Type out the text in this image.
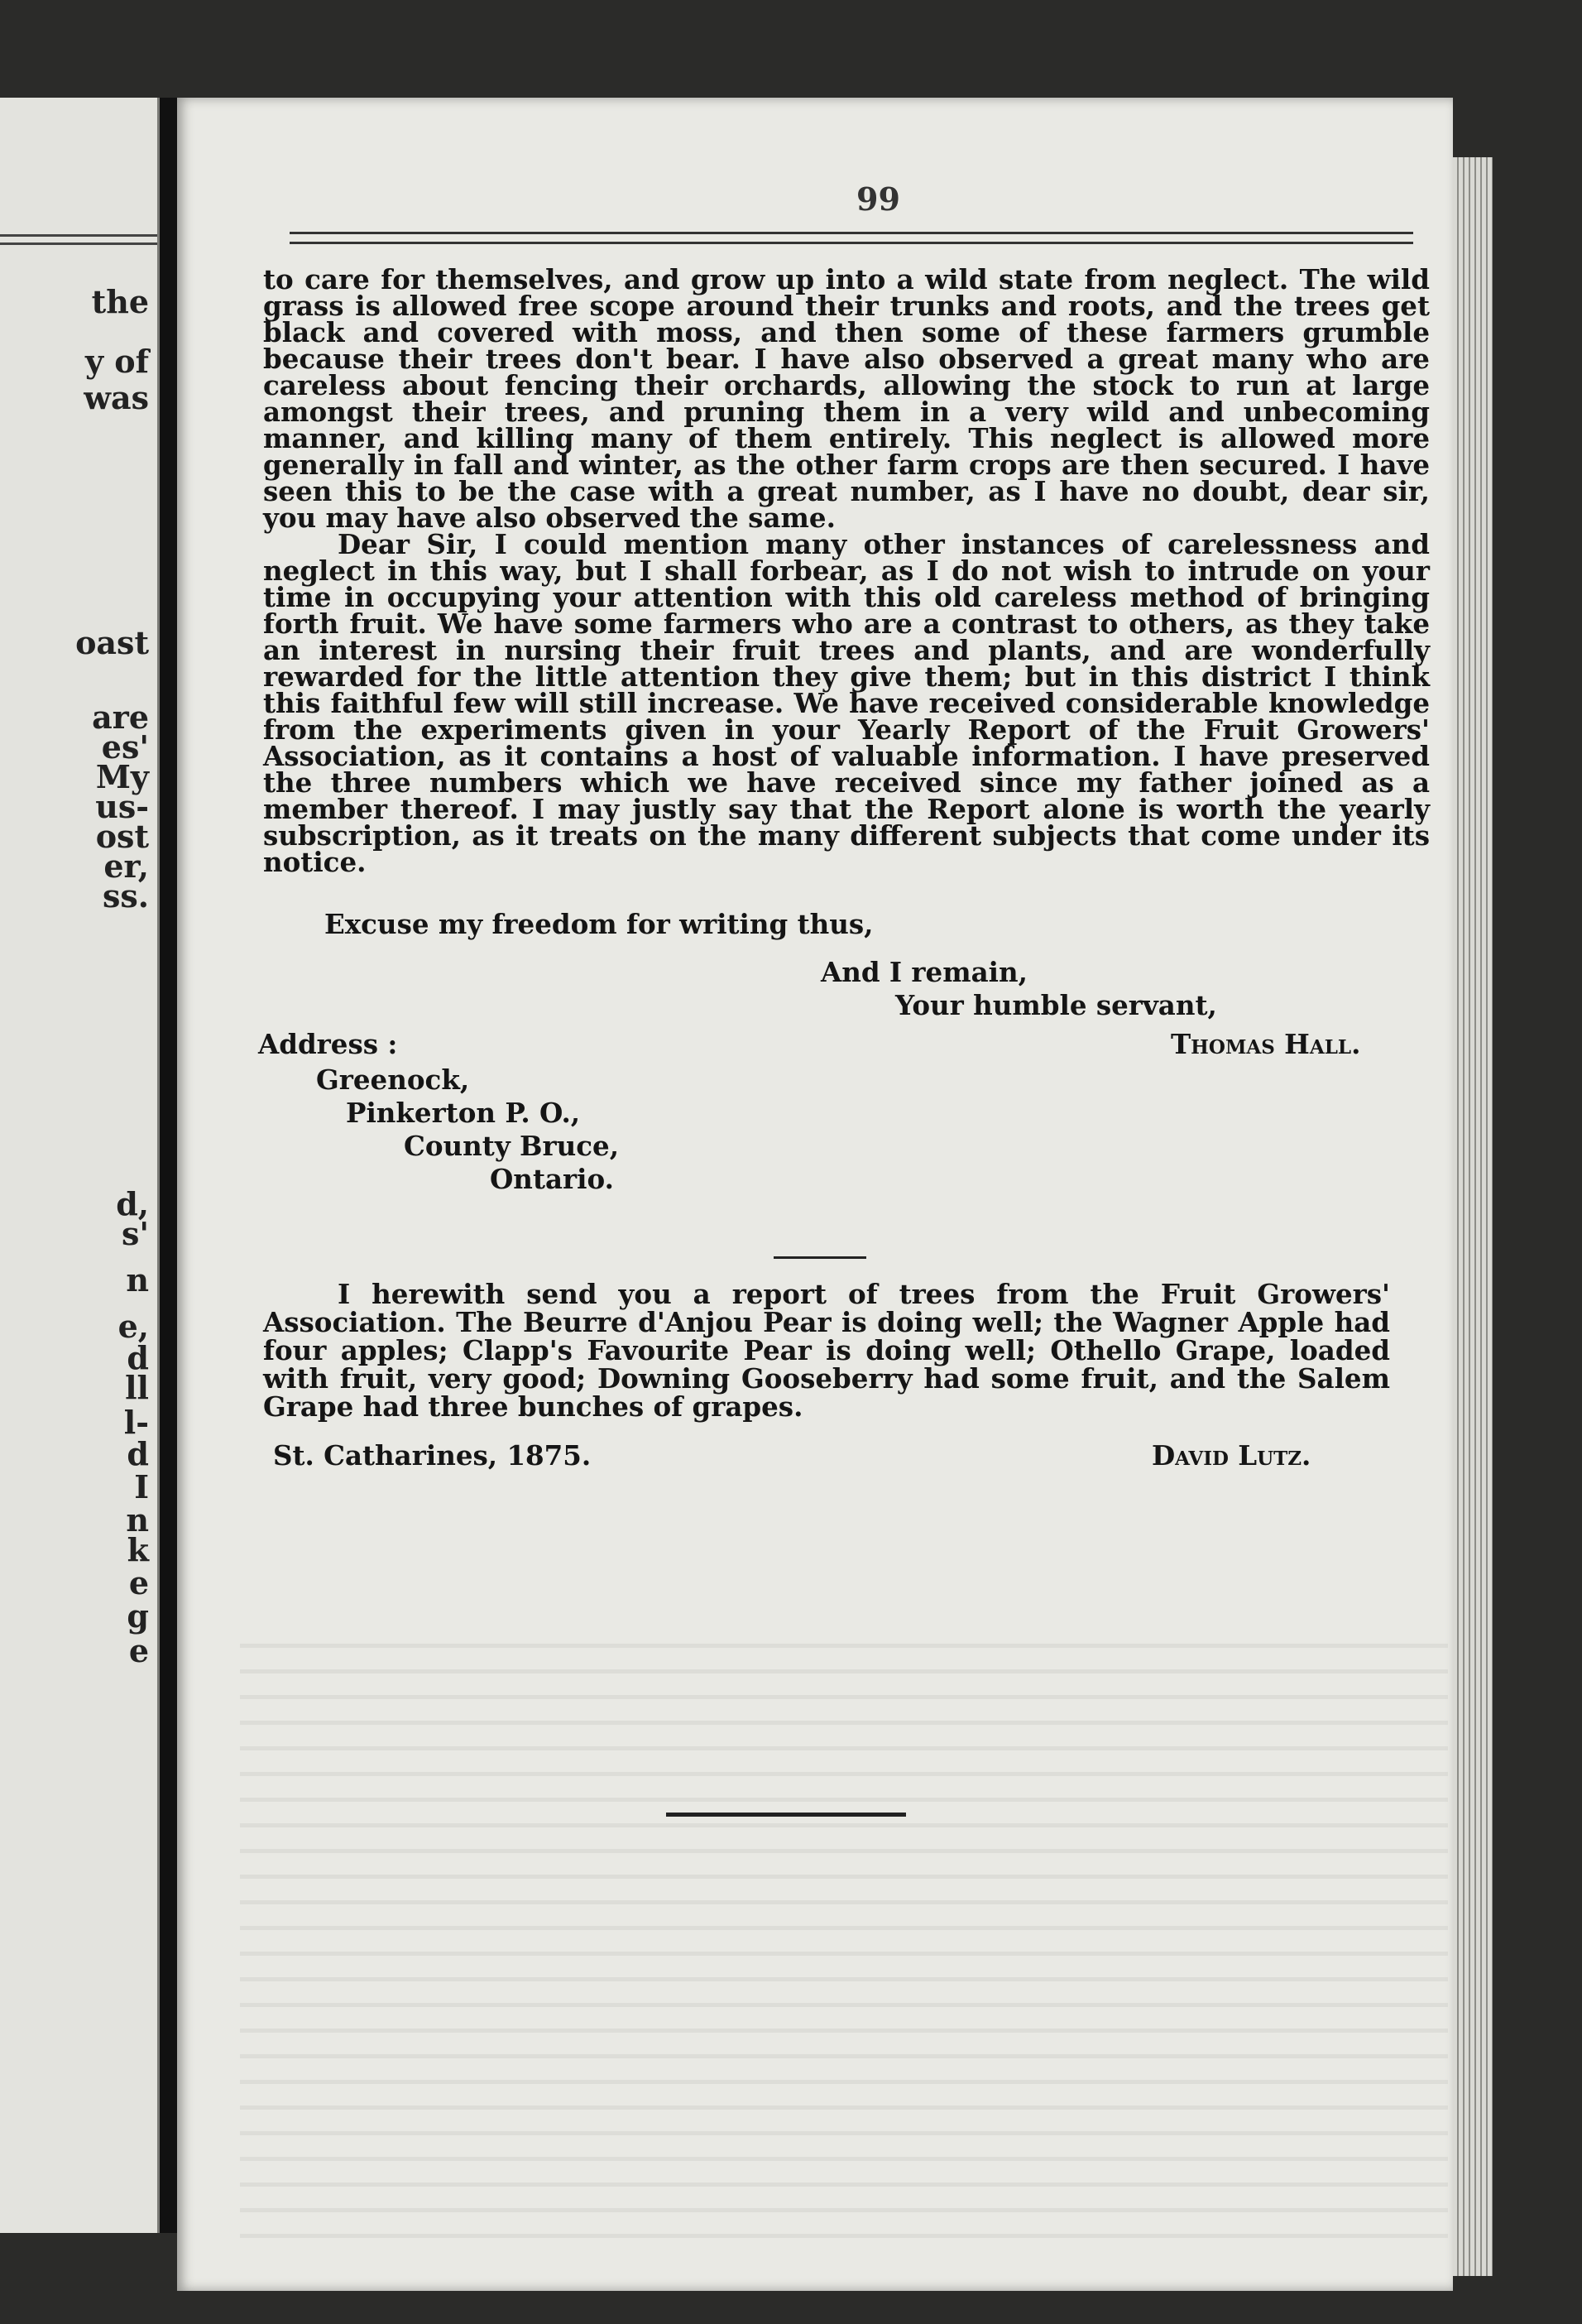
the

y of

was

oast

are

es'

My

us-

ost

er,

ss.

d,

s'

n

e,

d

ll

l-

d

I

n

k

e

g

e

99

to care for themselves, and grow up into a wild state from neglect. The wild grass is allowed free scope around their trunks and roots, and the trees get black and covered with moss, and then some of these farmers grumble because their trees don't bear. I have also observed a great many who are careless about fencing their orchards, allowing the stock to run at large amongst their trees, and pruning them in a very wild and unbecoming manner, and killing many of them entirely. This neglect is allowed more generally in fall and winter, as the other farm crops are then secured. I have seen this to be the case with a great number, as I have no doubt, dear sir, you may have also observed the same.

Dear Sir, I could mention many other instances of carelessness and neglect in this way, but I shall forbear, as I do not wish to intrude on your time in occupying your attention with this old careless method of bringing forth fruit. We have some farmers who are a contrast to others, as they take an interest in nursing their fruit trees and plants, and are wonderfully rewarded for the little attention they give them; but in this district I think this faithful few will still increase. We have received considerable knowledge from the experiments given in your Yearly Report of the Fruit Growers' Association, as it contains a host of valuable information. I have preserved the three numbers which we have received since my father joined as a member thereof. I may justly say that the Report alone is worth the yearly subscription, as it treats on the many different subjects that come under its notice.

Excuse my freedom for writing thus,

And I remain,

Your humble servant,

Address :	Thomas Hall.

Greenock,

Pinkerton P. O.,

County Bruce,

Ontario.

I herewith send you a report of trees from the Fruit Growers' Association. The Beurre d'Anjou Pear is doing well; the Wagner Apple had four apples; Clapp's Favourite Pear is doing well; Othello Grape, loaded with fruit, very good; Downing Gooseberry had some fruit, and the Salem Grape had three bunches of grapes.

St. Catharines, 1875.	David Lutz.
